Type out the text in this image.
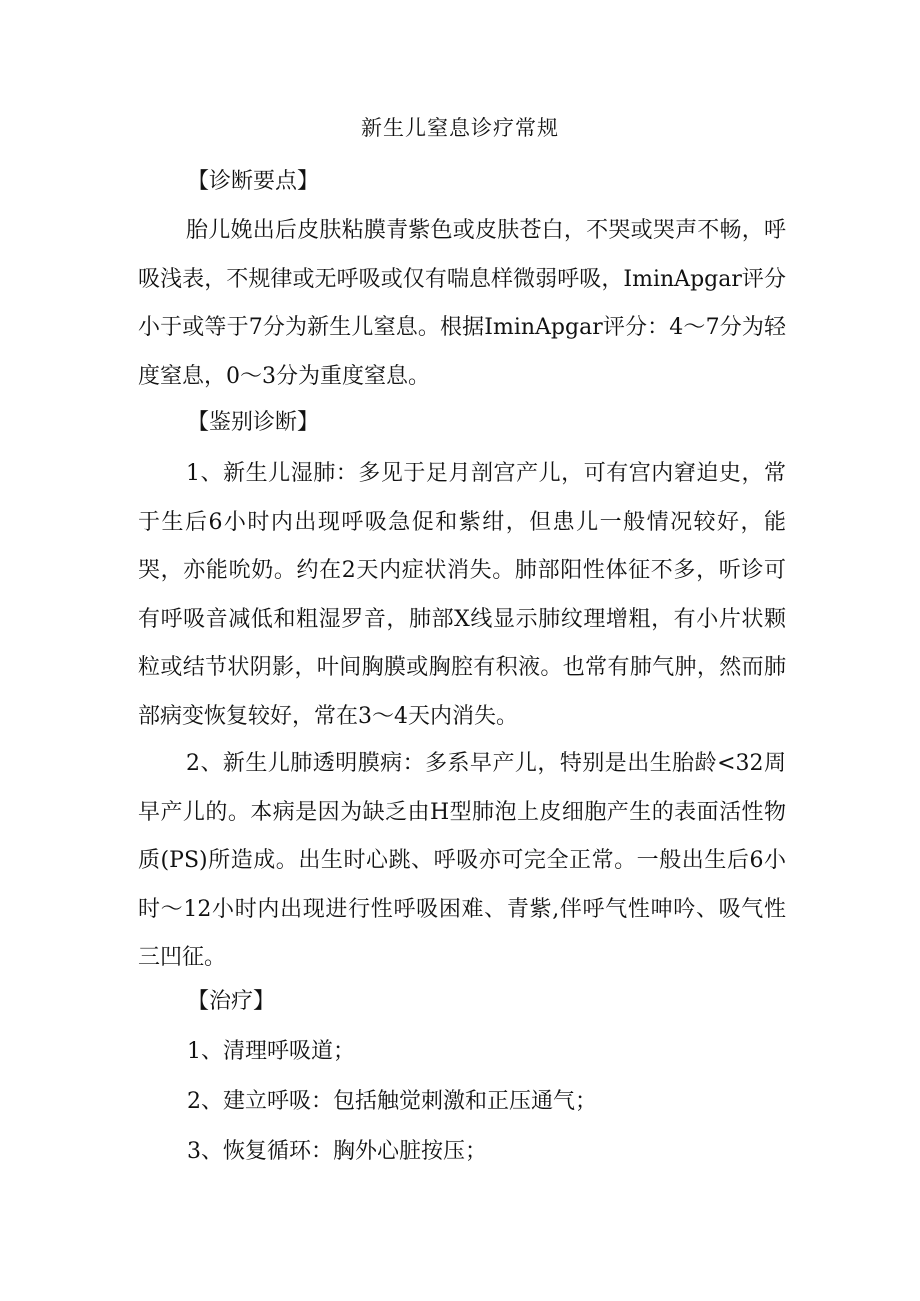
新生儿窒息诊疗常规
【诊断要点】
胎儿娩出后皮肤粘膜青紫色或皮肤苍白，不哭或哭声不畅，呼吸浅表，不规律或无呼吸或仅有喘息样微弱呼吸，IminApgar评分小于或等于7分为新生儿窒息。根据IminApgar评分：4～7分为轻度窒息，0～3分为重度窒息。
【鉴别诊断】
1、新生儿湿肺：多见于足月剖宫产儿，可有宫内窘迫史，常于生后6小时内出现呼吸急促和紫绀，但患儿一般情况较好，能哭，亦能吮奶。约在2天内症状消失。肺部阳性体征不多，听诊可有呼吸音减低和粗湿罗音，肺部X线显示肺纹理增粗，有小片状颗粒或结节状阴影，叶间胸膜或胸腔有积液。也常有肺气肿，然而肺部病变恢复较好，常在3～4天内消失。
2、新生儿肺透明膜病：多系早产儿，特别是出生胎龄<32周早产儿的。本病是因为缺乏由H型肺泡上皮细胞产生的表面活性物质(PS)所造成。出生时心跳、呼吸亦可完全正常。一般出生后6小时～12小时内出现进行性呼吸困难、青紫,伴呼气性呻吟、吸气性三凹征。
【治疗】
1、清理呼吸道；
2、建立呼吸：包括触觉刺激和正压通气；
3、恢复循环：胸外心脏按压；
